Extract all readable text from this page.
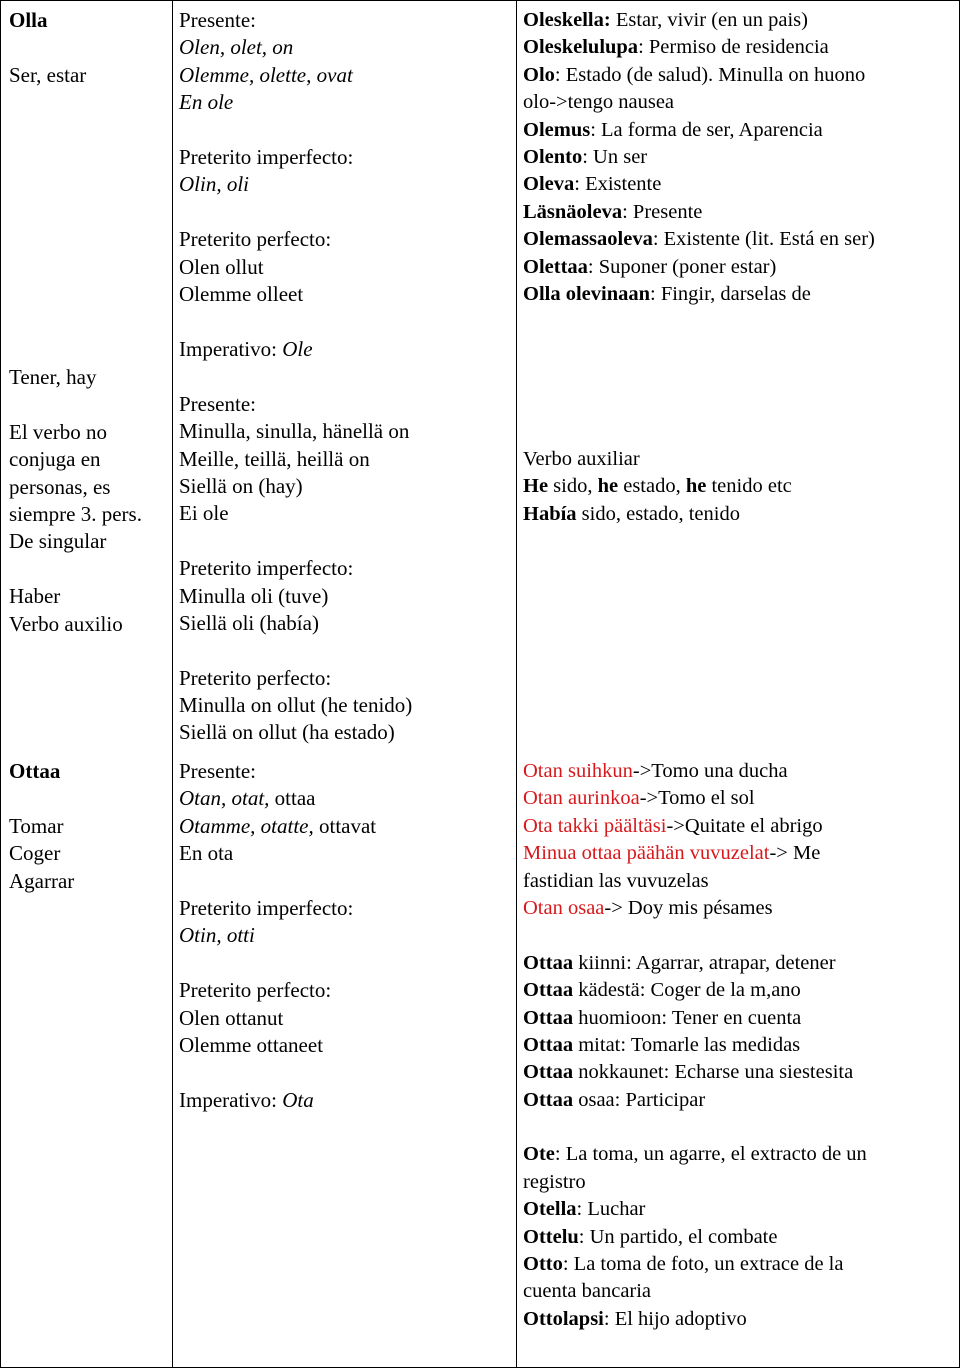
Olla
Ser, estar
Presente:
Olen, olet, on
Olemme, olette, ovat
En ole
Preterito imperfecto:
Olin, oli
Preterito perfecto:
Olen ollut
Olemme olleet
Oleskella: Estar, vivir (en un pais)
Oleskelulupa: Permiso de residencia
Olo: Estado (de salud). Minulla on huono
olo->tengo nausea
Olemus: La forma de ser, Aparencia
Olento: Un ser
Oleva: Existente
Läsnäoleva: Presente
Olemassaoleva: Existente (lit. Está en ser)
Olettaa: Suponer (poner estar)
Olla olevinaan: Fingir, darselas de
Tener, hay
El verbo no
conjuga en
personas, es
siempre 3. pers.
De singular
Haber
Verbo auxilio
Imperativo: Ole
Presente:
Minulla, sinulla, hänellä on
Meille, teillä, heillä on
Siellä on (hay)
Ei ole
Preterito imperfecto:
Minulla oli (tuve)
Siellä oli (había)
Preterito perfecto:
Minulla on ollut (he tenido)
Siellä on ollut (ha estado)
Verbo auxiliar
He sido, he estado, he tenido etc
Había sido, estado, tenido
Ottaa
Tomar
Coger
Agarrar
Presente:
Otan, otat, ottaa
Otamme, otatte, ottavat
En ota
Preterito imperfecto:
Otin, otti
Preterito perfecto:
Olen ottanut
Olemme ottaneet
Imperativo: Ota
Otan suihkun->Tomo una ducha
Otan aurinkoa->Tomo el sol
Ota takki päältäsi->Quitate el abrigo
Minua ottaa päähän vuvuzelat-> Me
fastidian las vuvuzelas
Otan osaa-> Doy mis pésames
Ottaa kiinni: Agarrar, atrapar, detener
Ottaa kädestä: Coger de la m,ano
Ottaa huomioon: Tener en cuenta
Ottaa mitat: Tomarle las medidas
Ottaa nokkaunet: Echarse una siestesita
Ottaa osaa: Participar
Ote: La toma, un agarre, el extracto de un
registro
Otella: Luchar
Ottelu: Un partido, el combate
Otto: La toma de foto, un extrace de la
cuenta bancaria
Ottolapsi: El hijo adoptivo
